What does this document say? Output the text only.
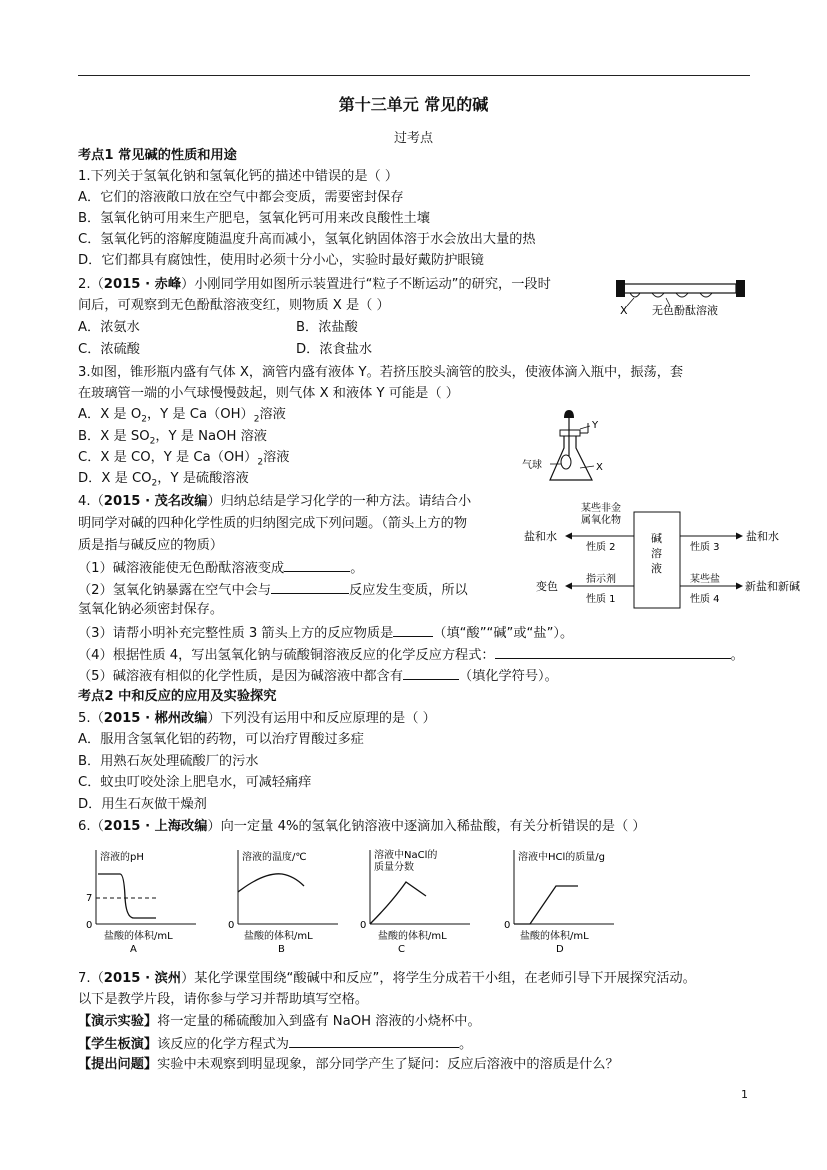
第十三单元 常见的碱
过考点
考点1 常见碱的性质和用途
1.下列关于氢氧化钠和氢氧化钙的描述中错误的是（ ）
A．它们的溶液敞口放在空气中都会变质，需要密封保存
B．氢氧化钠可用来生产肥皂，氢氧化钙可用来改良酸性土壤
C．氢氧化钙的溶解度随温度升高而减小，氢氧化钠固体溶于水会放出大量的热
D．它们都具有腐蚀性，使用时必须十分小心，实验时最好戴防护眼镜
2.（2015 · 赤峰）小刚同学用如图所示装置进行“粒子不断运动”的研究，一段时
间后，可观察到无色酚酞溶液变红，则物质 X 是（ ）
A．浓氨水	B．浓盐酸
C．浓硫酸	D．浓食盐水
X 无色酚酞溶液
3.如图，锥形瓶内盛有气体 X，滴管内盛有液体 Y。若挤压胶头滴管的胶头，使液体滴入瓶中，振荡，套
在玻璃管一端的小气球慢慢鼓起，则气体 X 和液体 Y 可能是（ ）
A．X 是 $O_2$，Y 是 $Ca(OH)_2$溶液
B．X 是 $SO_2$，Y 是 NaOH 溶液
C．X 是 CO，Y 是 $Ca(OH)_2$溶液
D．X 是 $CO_2$，Y 是硫酸溶液
Y
气球	X
4.（2015 · 茂名改编）归纳总结是学习化学的一种方法。请结合小
明同学对碱的四种化学性质的归纳图完成下列问题。（箭头上方的物
质是指与碱反应的物质）
（1）碱溶液能使无色酚酞溶液变成	。
（2）氢氧化钠暴露在空气中会与	反应发生变质，所以
氢氧化钠必须密封保存。
（3）请帮小明补充完整性质 3 箭头上方的反应物质是	（填“酸”“碱”或“盐”）。
（4）根据性质 4，写出氢氧化钠与硫酸铜溶液反应的化学反应方程式：	。
（5）碱溶液有相似的化学性质，是因为碱溶液中都含有	（填化学符号）。
碱
溶
液
某些非金
属氧化物
盐和水
性质 2
指示剂
变色
性质 1
盐和水
性质 3
某些盐
新盐和新碱
性质 4
考点2 中和反应的应用及实验探究
5.（2015 · 郴州改编）下列没有运用中和反应原理的是（ ）
A．服用含氢氧化铝的药物，可以治疗胃酸过多症
B．用熟石灰处理硫酸厂的污水
C．蚊虫叮咬处涂上肥皂水，可减轻痛痒
D．用生石灰做干燥剂
6.（2015 · 上海改编）向一定量 4%的氢氧化钠溶液中逐滴加入稀盐酸，有关分析错误的是（ ）
溶液的pH
7
0
盐酸的体积/mL
A
溶液的温度/℃
0
盐酸的体积/mL
B
溶液中NaCl的
质量分数
0
盐酸的体积/mL
C
溶液中HCl的质量/g
0
盐酸的体积/mL
D
7.（2015 · 滨州）某化学课堂围绕“酸碱中和反应”，将学生分成若干小组，在老师引导下开展探究活动。
以下是教学片段，请你参与学习并帮助填写空格。
【演示实验】将一定量的稀硫酸加入到盛有 NaOH 溶液的小烧杯中。
【学生板演】该反应的化学方程式为	。
【提出问题】实验中未观察到明显现象，部分同学产生了疑问：反应后溶液中的溶质是什么？
1
